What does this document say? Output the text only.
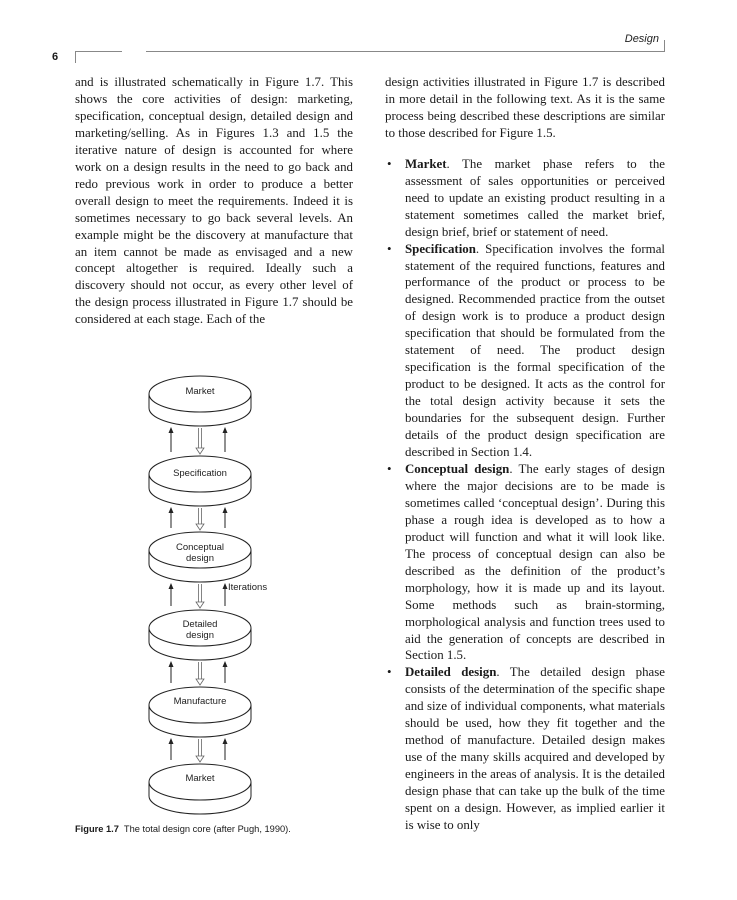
Design
6

and is illustrated schematically in Figure 1.7. This shows the core activities of design: marketing, specification, conceptual design, detailed design and marketing/selling. As in Figures 1.3 and 1.5 the iterative nature of design is accounted for where work on a design results in the need to go back and redo previous work in order to produce a better overall design to meet the requirements. Indeed it is sometimes necessary to go back several levels. An example might be the discovery at manufacture that an item cannot be made as envisaged and a new concept altogether is required. Ideally such a discovery should not occur, as every other level of the design process illustrated in Figure 1.7 should be considered at each stage. Each of the

Market
Specification
Conceptual
design
Detailed
design
Manufacture
Market
Iterations
Figure 1.7 The total design core (after Pugh, 1990).

design activities illustrated in Figure 1.7 is described in more detail in the following text. As it is the same process being described these descriptions are similar to those described for Figure 1.5.

• Market. The market phase refers to the assessment of sales opportunities or perceived need to update an existing product resulting in a statement sometimes called the market brief, design brief, brief or statement of need.
• Specification. Specification involves the formal statement of the required functions, features and performance of the product or process to be designed. Recommended practice from the outset of design work is to produce a product design specification that should be formulated from the statement of need. The product design specification is the formal specification of the product to be designed. It acts as the control for the total design activity because it sets the boundaries for the subsequent design. Further details of the product design specification are described in Section 1.4.
• Conceptual design. The early stages of design where the major decisions are to be made is sometimes called ‘conceptual design’. During this phase a rough idea is developed as to how a product will function and what it will look like. The process of conceptual design can also be described as the definition of the product’s morphology, how it is made up and its layout. Some methods such as brain-storming, morphological analysis and function trees used to aid the generation of concepts are described in Section 1.5.
• Detailed design. The detailed design phase consists of the determination of the specific shape and size of individual components, what materials should be used, how they fit together and the method of manufacture. Detailed design makes use of the many skills acquired and developed by engineers in the areas of analysis. It is the detailed design phase that can take up the bulk of the time spent on a design. However, as implied earlier it is wise to only
